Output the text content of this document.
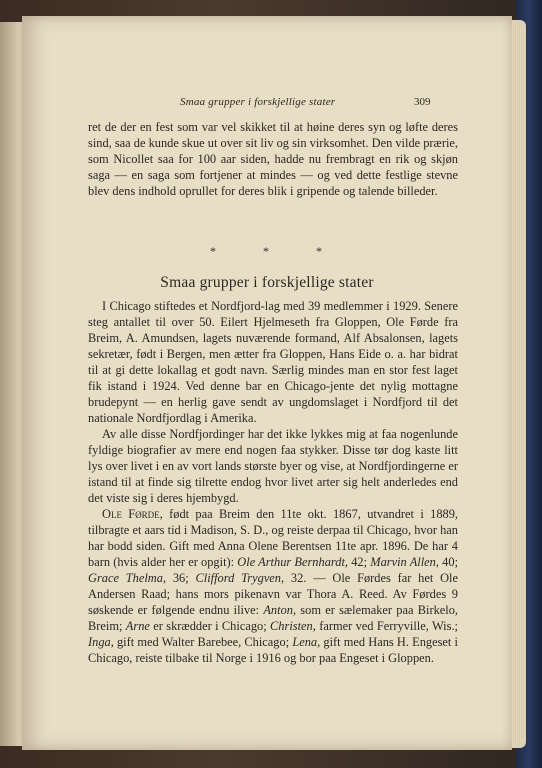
Smaa grupper i forskjellige stater	309

ret de der en fest som var vel skikket til at høine deres syn og løfte deres sind, saa de kunde skue ut over sit liv og sin virksomhet. Den vilde prærie, som Nicollet saa for 100 aar siden, hadde nu frembragt en rik og skjøn saga — en saga som fortjener at mindes — og ved dette festlige stevne blev dens indhold oprullet for deres blik i gripende og talende billeder.

* * *
Smaa grupper i forskjellige stater

I Chicago stiftedes et Nordfjord-lag med 39 medlemmer i 1929. Senere steg antallet til over 50. Eilert Hjelmeseth fra Gloppen, Ole Førde fra Breim, A. Amundsen, lagets nuværende formand, Alf Absalonsen, lagets sekretær, født i Bergen, men ætter fra Gloppen, Hans Eide o. a. har bidrat til at gi dette lokallag et godt navn. Særlig mindes man en stor fest laget fik istand i 1924. Ved denne bar en Chicago-jente det nylig mottagne brudepynt — en herlig gave sendt av ungdomslaget i Nordfjord til det nationale Nordfjordlag i Amerika.

Av alle disse Nordfjordinger har det ikke lykkes mig at faa nogenlunde fyldige biografier av mere end nogen faa stykker. Disse tør dog kaste litt lys over livet i en av vort lands største byer og vise, at Nordfjordingerne er istand til at finde sig tilrette endog hvor livet arter sig helt anderledes end det viste sig i deres hjembygd.

Ole Førde, født paa Breim den 11te okt. 1867, utvandret i 1889, tilbragte et aars tid i Madison, S. D., og reiste derpaa til Chicago, hvor han har bodd siden. Gift med Anna Olene Berentsen 11te apr. 1896. De har 4 barn (hvis alder her er opgit): Ole Arthur Bernhardt, 42; Marvin Allen, 40; Grace Thelma, 36; Clifford Trygven, 32. — Ole Førdes far het Ole Andersen Raad; hans mors pikenavn var Thora A. Reed. Av Førdes 9 søskende er følgende endnu ilive: Anton, som er sælemaker paa Birkelo, Breim; Arne er skrædder i Chicago; Christen, farmer ved Ferryville, Wis.; Inga, gift med Walter Barebee, Chicago; Lena, gift med Hans H. Engeset i Chicago, reiste tilbake til Norge i 1916 og bor paa Engeset i Gloppen.
